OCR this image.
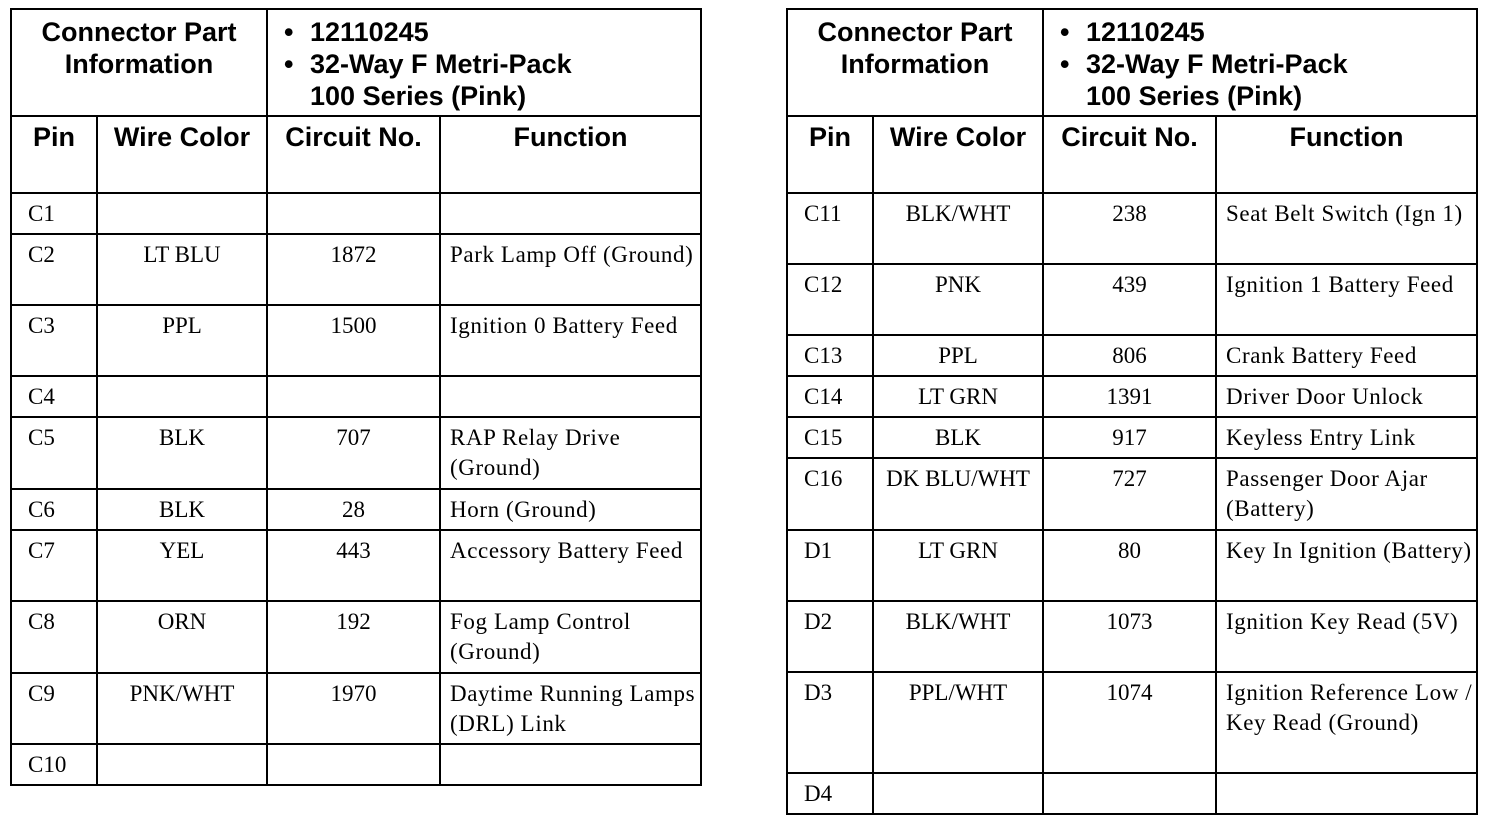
Connector Part Information		• 12110245
• 32-Way F Metri-Pack
100 Series (Pink)

Pin	Wire Color	Circuit No.	Function
C1			
C2	LT BLU	1872	Park Lamp Off (Ground)
C3	PPL	1500	Ignition 0 Battery Feed
C4			
C5	BLK	707	RAP Relay Drive (Ground)
C6	BLK	28	Horn (Ground)
C7	YEL	443	Accessory Battery Feed
C8	ORN	192	Fog Lamp Control (Ground)
C9	PNK/WHT	1970	Daytime Running Lamps (DRL) Link
C10			
Connector Part Information		• 12110245
• 32-Way F Metri-Pack
100 Series (Pink)

Pin	Wire Color	Circuit No.	Function
C11	BLK/WHT	238	Seat Belt Switch (Ign 1)
C12	PNK	439	Ignition 1 Battery Feed
C13	PPL	806	Crank Battery Feed
C14	LT GRN	1391	Driver Door Unlock
C15	BLK	917	Keyless Entry Link
C16	DK BLU/WHT	727	Passenger Door Ajar (Battery)
D1	LT GRN	80	Key In Ignition (Battery)
D2	BLK/WHT	1073	Ignition Key Read (5V)
D3	PPL/WHT	1074	Ignition Reference Low / Key Read (Ground)
D4			
